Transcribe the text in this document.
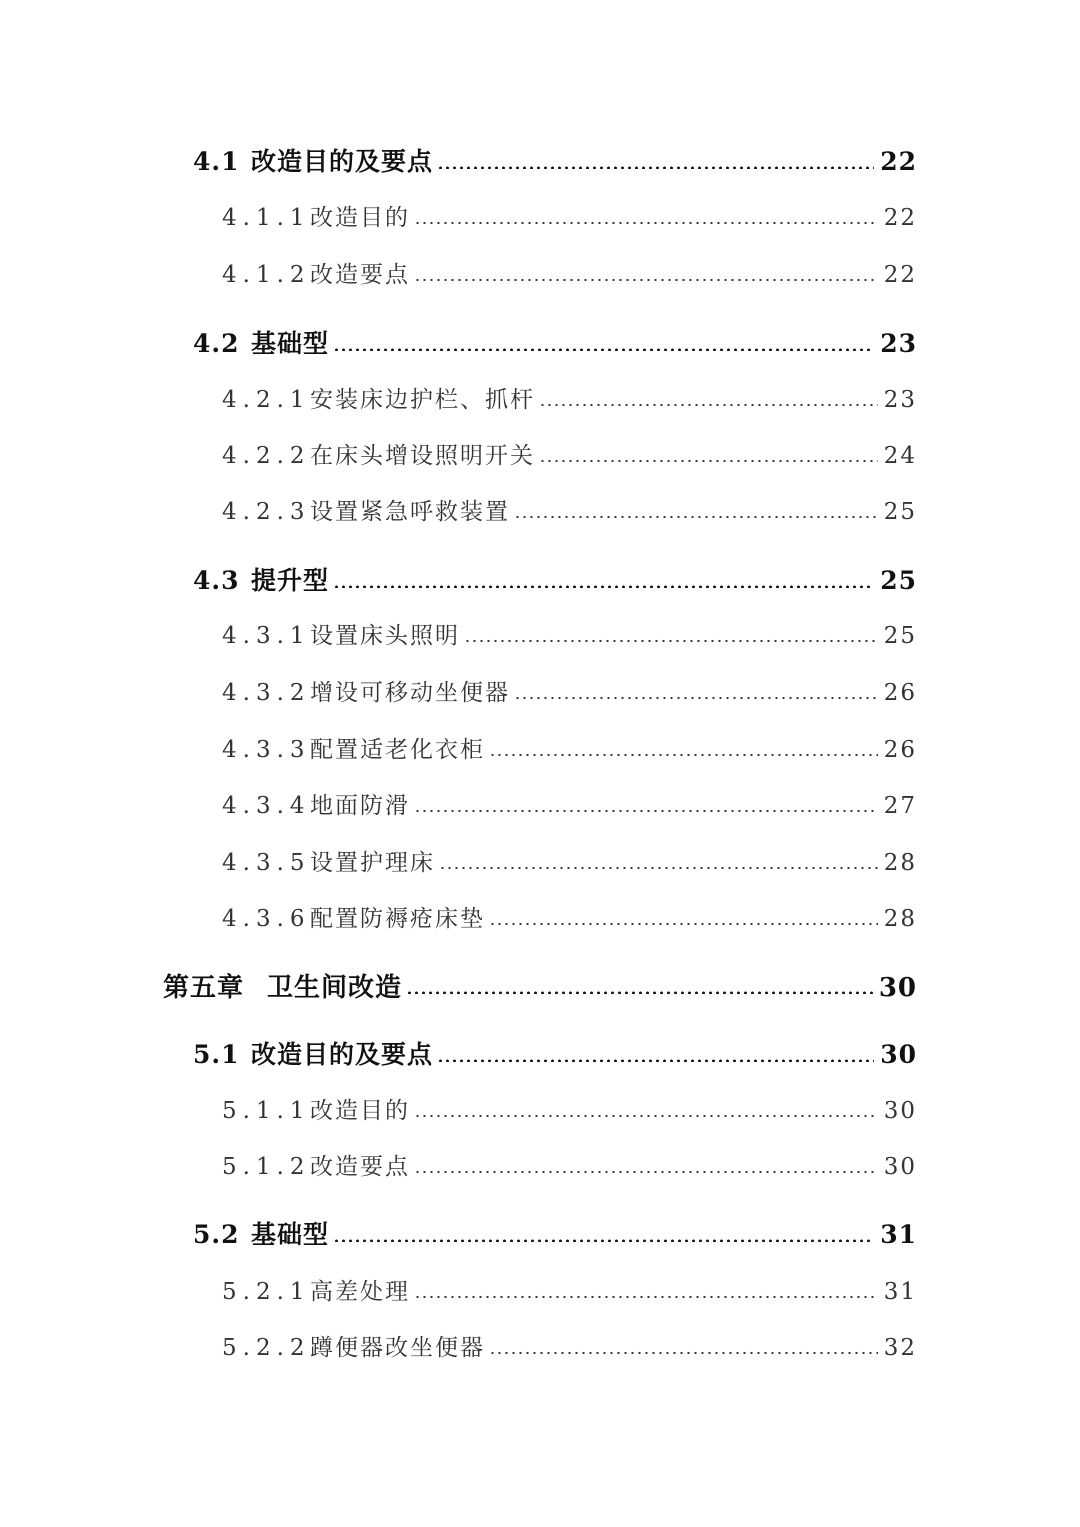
4.1 改造目的及要点	22
4.1.1 改造目的	22
4.1.2 改造要点	22
4.2 基础型	23
4.2.1 安装床边护栏、抓杆	23
4.2.2 在床头增设照明开关	24
4.2.3 设置紧急呼救装置	25
4.3 提升型	25
4.3.1 设置床头照明	25
4.3.2 增设可移动坐便器	26
4.3.3 配置适老化衣柜	26
4.3.4 地面防滑	27
4.3.5 设置护理床	28
4.3.6 配置防褥疮床垫	28
第五章 卫生间改造	30
5.1 改造目的及要点	30
5.1.1 改造目的	30
5.1.2 改造要点	30
5.2 基础型	31
5.2.1 高差处理	31
5.2.2 蹲便器改坐便器	32
